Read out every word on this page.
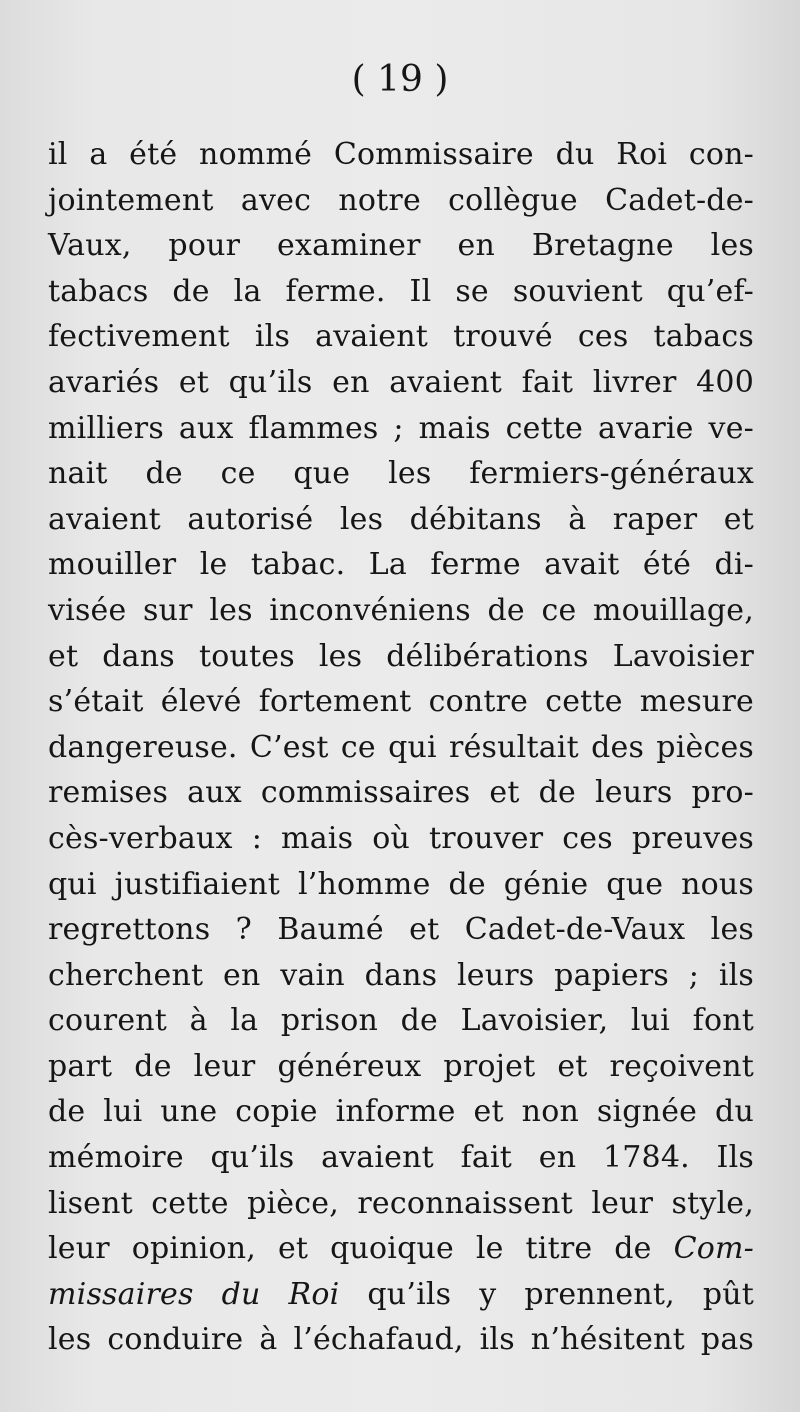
( 19 )
il a été nommé Commissaire du Roi con-
jointement avec notre collègue Cadet-de-
Vaux, pour examiner en Bretagne les
tabacs de la ferme. Il se souvient qu’ef-
fectivement ils avaient trouvé ces tabacs
avariés et qu’ils en avaient fait livrer 400
milliers aux flammes ; mais cette avarie ve-
nait de ce que les fermiers-généraux
avaient autorisé les débitans à raper et
mouiller le tabac. La ferme avait été di-
visée sur les inconvéniens de ce mouillage,
et dans toutes les délibérations Lavoisier
s’était élevé fortement contre cette mesure
dangereuse. C’est ce qui résultait des pièces
remises aux commissaires et de leurs pro-
cès-verbaux : mais où trouver ces preuves
qui justifiaient l’homme de génie que nous
regrettons ? Baumé et Cadet-de-Vaux les
cherchent en vain dans leurs papiers ; ils
courent à la prison de Lavoisier, lui font
part de leur généreux projet et reçoivent
de lui une copie informe et non signée du
mémoire qu’ils avaient fait en 1784. Ils
lisent cette pièce, reconnaissent leur style,
leur opinion, et quoique le titre de Com-
missaires du Roi qu’ils y prennent, pût
les conduire à l’échafaud, ils n’hésitent pas
